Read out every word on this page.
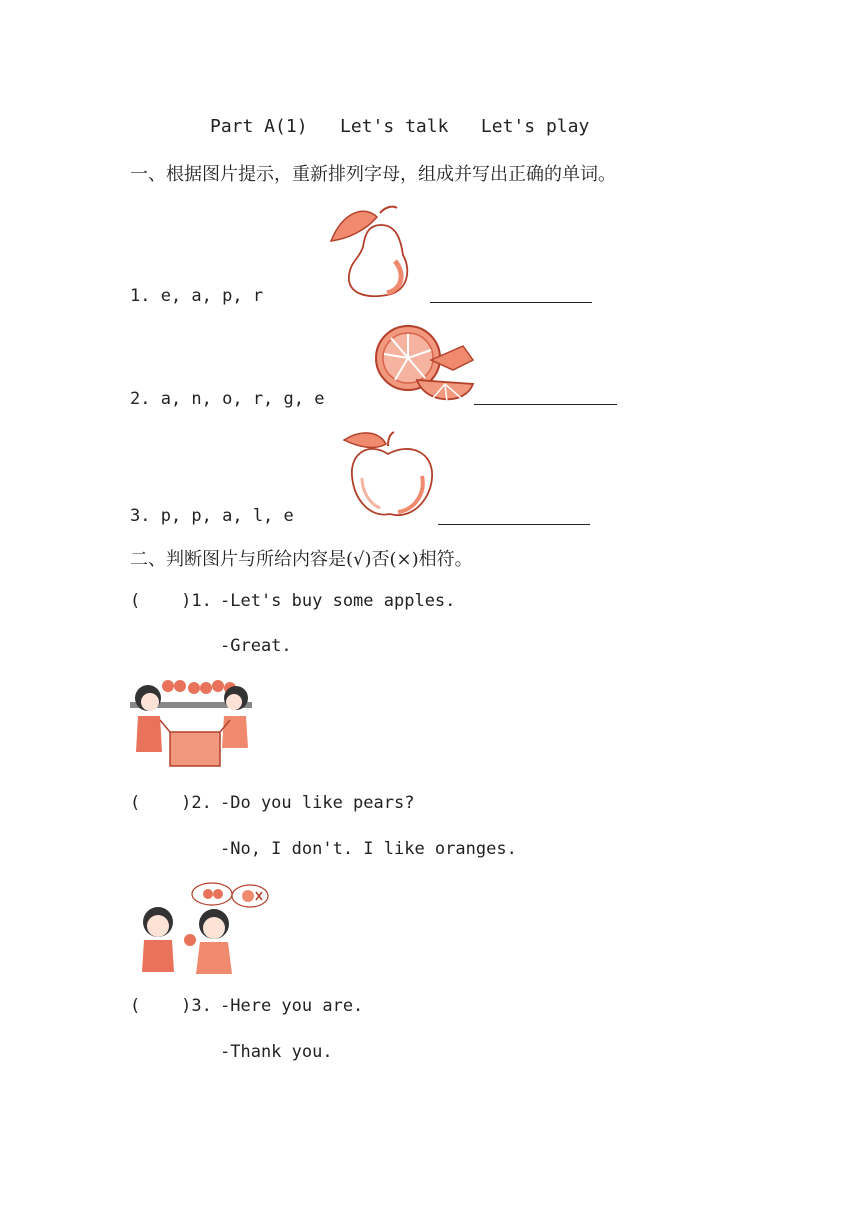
Part A(1)   Let's talk   Let's play
一、根据图片提示，重新排列字母，组成并写出正确的单词。
1. e, a, p, r
2. a, n, o, r, g, e
3. p, p, a, l, e
二、判断图片与所给内容是(√)否(×)相符。
(    )1. -Let's buy some apples.
-Great.
(    )2. -Do you like pears?
-No, I don't. I like oranges.
(    )3. -Here you are.
-Thank you.
